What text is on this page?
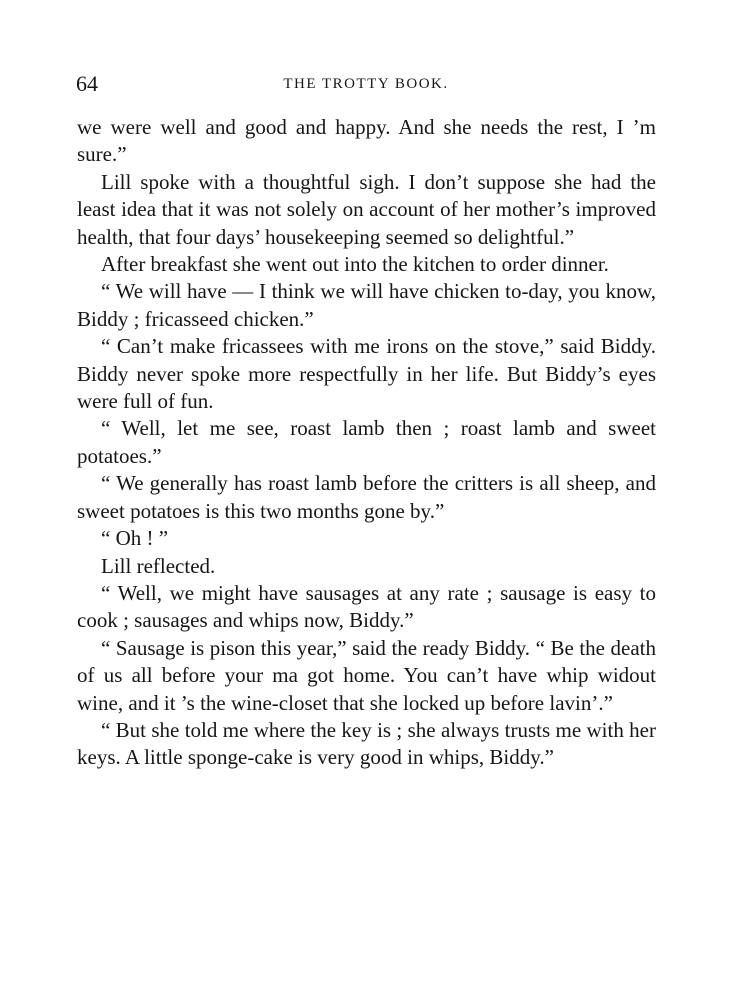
64	THE TROTTY BOOK.

we were well and good and happy. And she needs the rest, I ’m sure.”

Lill spoke with a thoughtful sigh. I don’t suppose she had the least idea that it was not solely on account of her mother’s improved health, that four days’ housekeeping seemed so delightful.”

After breakfast she went out into the kitchen to order dinner.

“ We will have — I think we will have chicken to-day, you know, Biddy ; fricasseed chicken.”

“ Can’t make fricassees with me irons on the stove,” said Biddy. Biddy never spoke more respectfully in her life. But Biddy’s eyes were full of fun.

“ Well, let me see, roast lamb then ; roast lamb and sweet potatoes.”

“ We generally has roast lamb before the critters is all sheep, and sweet potatoes is this two months gone by.”

“ Oh ! ”

Lill reflected.

“ Well, we might have sausages at any rate ; sausage is easy to cook ; sausages and whips now, Biddy.”

“ Sausage is pison this year,” said the ready Biddy. “ Be the death of us all before your ma got home. You can’t have whip widout wine, and it ’s the wine-closet that she locked up before lavin’.”

“ But she told me where the key is ; she always trusts me with her keys. A little sponge-cake is very good in whips, Biddy.”
